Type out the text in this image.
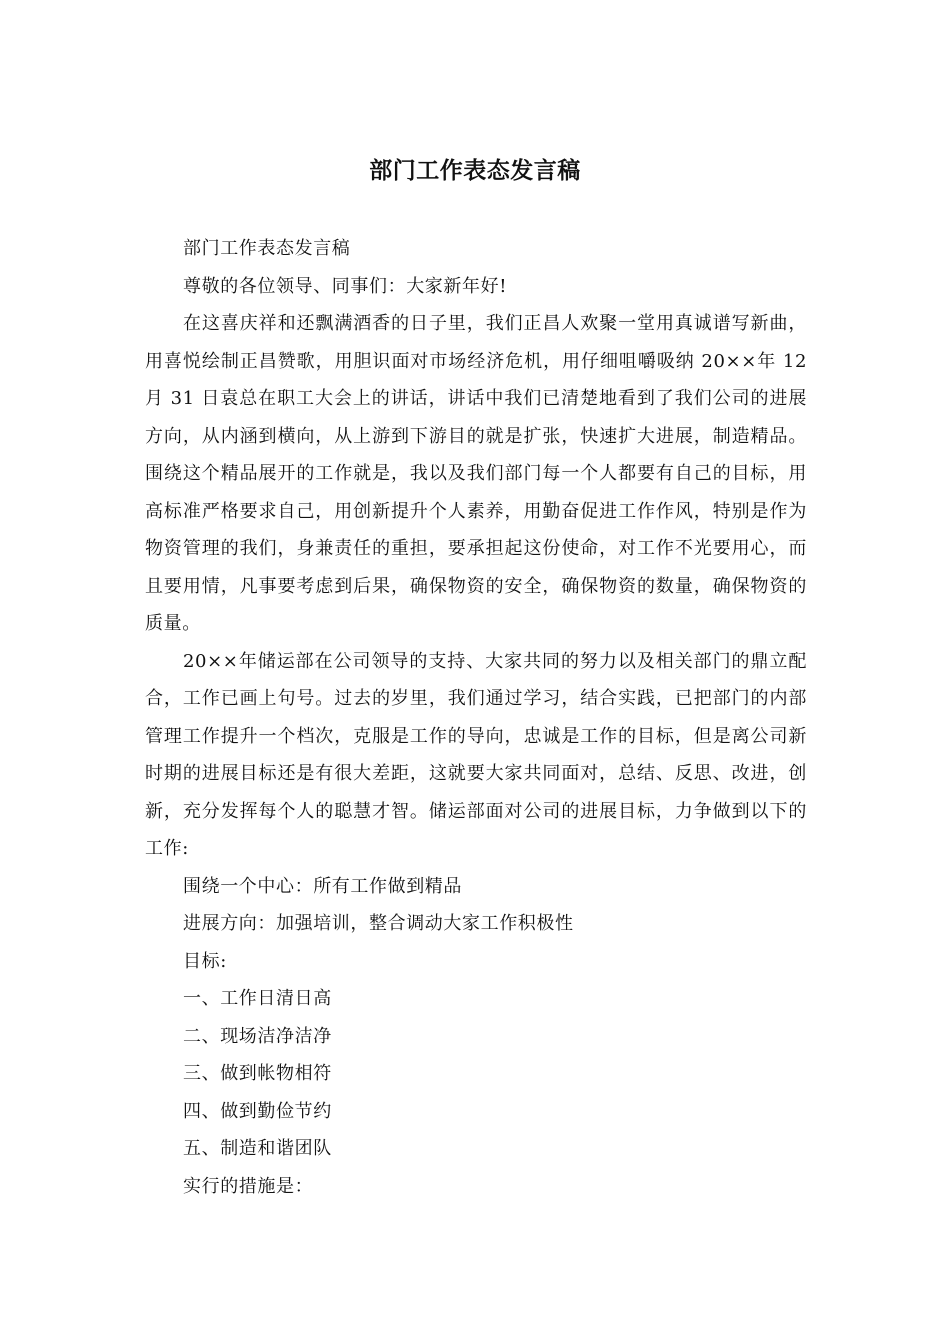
部门工作表态发言稿

部门工作表态发言稿

尊敬的各位领导、同事们：大家新年好!

在这喜庆祥和还飘满酒香的日子里，我们正昌人欢聚一堂用真诚谱写新曲，用喜悦绘制正昌赞歌，用胆识面对市场经济危机，用仔细咀嚼吸纳 20××年 12 月 31 日袁总在职工大会上的讲话，讲话中我们已清楚地看到了我们公司的进展方向，从内涵到横向，从上游到下游目的就是扩张，快速扩大进展，制造精品。围绕这个精品展开的工作就是，我以及我们部门每一个人都要有自己的目标，用高标准严格要求自己，用创新提升个人素养，用勤奋促进工作作风，特别是作为物资管理的我们，身兼责任的重担，要承担起这份使命，对工作不光要用心，而且要用情，凡事要考虑到后果，确保物资的安全，确保物资的数量，确保物资的质量。

20××年储运部在公司领导的支持、大家共同的努力以及相关部门的鼎立配合，工作已画上句号。过去的岁里，我们通过学习，结合实践，已把部门的内部管理工作提升一个档次，克服是工作的导向，忠诚是工作的目标，但是离公司新时期的进展目标还是有很大差距，这就要大家共同面对，总结、反思、改进，创新，充分发挥每个人的聪慧才智。储运部面对公司的进展目标，力争做到以下的工作:

围绕一个中心：所有工作做到精品

进展方向：加强培训，整合调动大家工作积极性

目标:

一、工作日清日高

二、现场洁净洁净

三、做到帐物相符

四、做到勤俭节约

五、制造和谐团队

实行的措施是：
